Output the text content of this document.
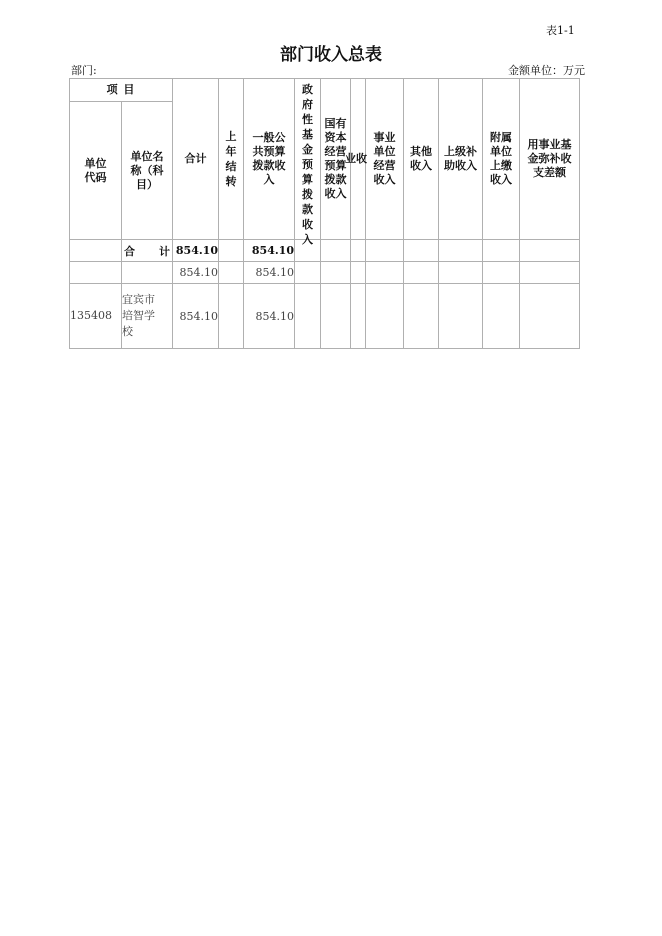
表1-1
部门收入总表
部门:	金额单位：万元
项 目		合计	上年结转	一般公共预算拨款收入	政府性基金预算拨款收入	国有资本经营预算拨款收入	业收	事业单位经营收入	其他收入	上级补助收入	附属单位上缴收入	用事业基金弥补收支差额

单位代码	单位名称（科目）											

	合 计	854.10		854.10								
		854.10		854.10								
135408	宜宾市培智学校	854.10		854.10								
